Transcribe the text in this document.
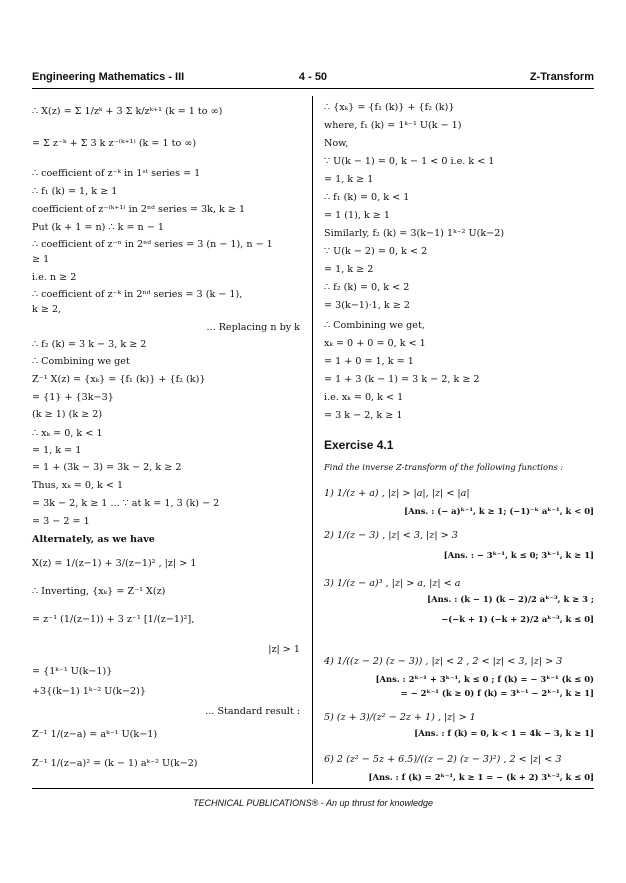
Engineering Mathematics - III	4 - 50	Z-Transform
∴ X(z) = Σ 1/zᵏ + 3 Σ k/zᵏ⁺¹ (k = 1 to ∞)
= Σ z⁻ᵏ + Σ 3 k z⁻⁽ᵏ⁺¹⁾ (k = 1 to ∞)
∴ coefficient of z⁻ᵏ in 1ˢᵗ series = 1
∴ f₁ (k) = 1, k ≥ 1
coefficient of z⁻⁽ᵏ⁺¹⁾ in 2ⁿᵈ series = 3k, k ≥ 1
Put (k + 1 = n) ∴ k = n − 1
∴ coefficient of z⁻ⁿ in 2ⁿᵈ series = 3 (n − 1), n − 1
≥ 1
i.e. n ≥ 2
∴ coefficient of z⁻ᵏ in 2ⁿᵈ series = 3 (k − 1),
k ≥ 2,
... Replacing n by k
∴ f₂ (k) = 3 k − 3, k ≥ 2
∴ Combining we get
Z⁻¹ X(z) = {xₖ} = {f₁ (k)} + {f₂ (k)}
= {1} + {3k−3}
(k ≥ 1) (k ≥ 2)
∴ xₖ = 0, k < 1
= 1, k = 1
= 1 + (3k − 3) = 3k − 2, k ≥ 2
Thus, xₖ = 0, k < 1
= 3k − 2, k ≥ 1 ... ∵ at k = 1, 3 (k) − 2
= 3 − 2 = 1
Alternately, as we have
X(z) = 1/(z−1) + 3/(z−1)² , |z| > 1
∴ Inverting, {xₖ} = Z⁻¹ X(z)
= z⁻¹ (1/(z−1)) + 3 z⁻¹ [1/(z−1)²],
|z| > 1
= {1ᵏ⁻¹ U(k−1)}
+3{(k−1) 1ᵏ⁻² U(k−2)}
... Standard result :
Z⁻¹ 1/(z−a) = aᵏ⁻¹ U(k−1)
Z⁻¹ 1/(z−a)² = (k − 1) aᵏ⁻² U(k−2)
∴ {xₖ} = {f₁ (k)} + {f₂ (k)}
where, f₁ (k) = 1ᵏ⁻¹ U(k − 1)
Now,
∵ U(k − 1) = 0, k − 1 < 0 i.e. k < 1
= 1, k ≥ 1
∴ f₁ (k) = 0, k < 1
= 1 (1), k ≥ 1
Similarly, f₂ (k) = 3(k−1) 1ᵏ⁻² U(k−2)
∵ U(k − 2) = 0, k < 2
= 1, k ≥ 2
∴ f₂ (k) = 0, k < 2
= 3(k−1)·1, k ≥ 2
∴ Combining we get,
xₖ = 0 + 0 = 0, k < 1
= 1 + 0 = 1, k = 1
= 1 + 3 (k − 1) = 3 k − 2, k ≥ 2
i.e. xₖ = 0, k < 1
= 3 k − 2, k ≥ 1
Exercise 4.1
Find the inverse Z-transform of the following functions :
1) 1/(z + a) , |z| > |a|, |z| < |a|
[Ans. : (− a)ᵏ⁻¹, k ≥ 1; (−1)⁻ᵏ aᵏ⁻¹, k < 0]
2) 1/(z − 3) , |z| < 3, |z| > 3
[Ans. : − 3ᵏ⁻¹, k ≤ 0; 3ᵏ⁻¹, k ≥ 1]
3) 1/(z − a)³ , |z| > a, |z| < a
[Ans. : (k − 1) (k − 2)/2 aᵏ⁻³, k ≥ 3 ;
−(−k + 1) (−k + 2)/2 aᵏ⁻³, k ≤ 0]
4) 1/((z − 2) (z − 3)) , |z| < 2 , 2 < |z| < 3, |z| > 3
[Ans. : 2ᵏ⁻¹ + 3ᵏ⁻¹, k ≤ 0 ; f (k) = − 3ᵏ⁻¹ (k ≤ 0)
= − 2ᵏ⁻¹ (k ≥ 0) f (k) = 3ᵏ⁻¹ − 2ᵏ⁻¹, k ≥ 1]
5) (z + 3)/(z² − 2z + 1) , |z| > 1
[Ans. : f (k) = 0, k < 1 = 4k − 3, k ≥ 1]
6) 2 (z² − 5z + 6.5)/((z − 2) (z − 3)²) , 2 < |z| < 3
[Ans. : f (k) = 2ᵏ⁻¹, k ≥ 1 = − (k + 2) 3ᵏ⁻², k ≤ 0]
TECHNICAL PUBLICATIONS® - An up thrust for knowledge
